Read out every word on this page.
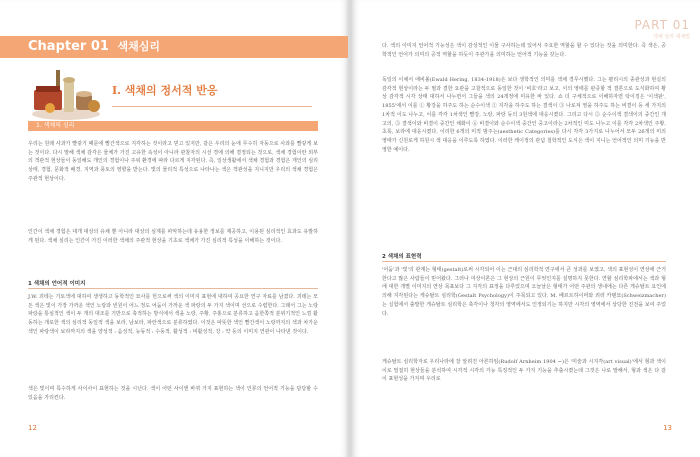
Chapter 01 색채심리
Ⅰ. 색채의 정서적 반응
1. 색채의 심리

우리는 원래 사과가 빨갛기 때문에 빨간색으로 지각하는 것이라고 믿고 있지만, 같은 우리의 눈에 무수히 자동으로 사과를 빨갛게 보는 것이다. 다시 말해 색채 감각은 물체가 가진 고유한 속성이 아니라 관찰자의 시선 경에 의해 결정되는 것으로, 색채 경험이란 외부의 객관적 현상들이 동일해도 개인의 경험이나 주위 환경에 따라 다르게 지각된다. 즉, 일상생활에서 색채 경험과 경험은 개인의 심리 상태, 경험, 문화적 배경, 지역과 풍토의 영향을 받는다. 빛의 물리적 특성으로 나타나는 색은 객관성을 지니지만 우리의 색채 경험은 주관적 현상이다.

인간이 색채 경험은 대개 대상의 유채 뿐 아니라 대상의 심재를 파악하는데 유용한 정보를 제공하고, 이용된 심리적인 효과도 유발하게 된다. 색채 심리는 인간이 가진 이러한 색채의 주관적 현상을 기초로 색채가 가진 심리적 특성을 이해하는 것이다.

1 색채의 언어적 이미지

J.W. 괴테는 기토색에 대하여 생생하고 동학적인 묘사를 헌으로써 색의 이미지 표현에 대하여 공요한 연구 자료를 남겼다. 괴테는 모든 색은 빛이 가장 가까운 색인 노랑과 빈원이 어느 정도 어둠이 가까운 색 파랑의 두 가지 색이며 선으로 수렴한다. 그래서 그는 노랑 파랑을 통심적인 색이 두 개의 대조를 기반으로 축적하는 방식에서 색을 노랑, 주황, 주홍으로 분류하고 음한쪽적 분위기적인 느낌 활동하는 개로한 색의 심리적 동일적 색을 보라, 남보라, 파란색으로 분류하였다. 이것은 따뜻한 색인 빨간색이 노랑까지의 색과 차가운 색인 파랑색이 보라까지의 색을 양성적 : 음성적, 능동적 : 수동적, 활성적 : 비활성적, 강 : 약 등의 이미지 연관이 나타낸 것이다.

색은 빛이며 특수하게 사이사이 표현하는 것을 시닌다. 색이 어떤 사이엔 바퀴 가지 표현하는 색이 인류의 언어적 기능을 담당할 수 있음을 가리킨다.

12
PART 01
색채 심리 대체법

다. 색의 이미지 언어적 기능성은 색이 감성적인 이물 구사하는데 있어서 주요한 역할을 할 수 있다는 것을 의미한다. 즉 색은, 공학적인 언어가 의미의 공적 역할을 하듯이 주관가을 의미하는 언어적 기능을 갖는다.

독일의 이채서 에비볼(Ewald Hering, 1834-1918)은 보다 생학적인 의미를 색채 경무시했다. 그는 괄리시의 종관성과 현실의 감각적 현상이라는 두 필과 결한 요관을 고찰적으로 동일한 것이 '비호'라고 보고, 이의 영태를 판증할 적 결론으로 도식화하여 황상 감각적 시각 상태 대하서 나누면서 그들을 색의 24개정에 미유한 바 있다. 쇼 더 구체적으로 이해하자면 탁이징은 '이색판', 1855'에서 이를 ① 황강을 하주도 하는 순수이색 ② 지각을 하주도 하는 결색이 ③ 나로져 영을 하주도 하는 비결이 등 세 가지의 1차적 이도 나누고, 이를 각각 1차색인 빨강, 노랑, 파랑 등의 3원색에 대응시켰다. 그리고 다시 ⑤ 순수이색 결색이의 중간인 개고의, ⑤ 결색이와 비결이 중간인 채화이 ⑥ 비결이와 순수이색 중간인 중고이라는 2차적인 미도 나누고 이를 각각 2차색인 주황, 초록, 보라에 대응시켰다. 이리한 6개의 미적 범주는(aesthetic Categories)를 다시 각각 3가지로 나누어서 모두 26개의 미의 영태가 신원로게 하원시 색 대응을 이루도록 하였다. 이러한 케이정의 관념 철학적인 도식은 색이 지니는 언어적인 의미 기능을 반영한 예이다.

2 색채의 표현력

'어둠'과 '빛'의 관계는 형태(gestalt)로써 시각되어 이는 근대의 심리학적 연구에서 큰 성과를 보였고, 색의 표현성이 연상에 근거한다고 많은 사람들이 믿어왔다. 그러나 여상이론은 그 현상의 근원이 무엇인지를 설명하지 못한다. 연할 심리학파에서는 색과 형에 대한 개별 이미지의 연상 목표보다 그 지각의 표정을 다루었으며 오늘날은 형태가 어떤 주관의 생내에는 다른 게슈탈트 요인에 의해 지각된다는 게슈탈트 심리학(Gestalt Psychology)이 주목되고 있다. M. 베르트하이머와 쾨러 카텐묘(Schweizmacher)는 실험에서 출발한 게슈탈트 심리학은 축각이나 청각의 영역에서도 인정되기는 하지만 시각의 영역에서 상당한 진전을 보여 주었다.

게슈탈트 심리학자로 우리나라에 잘 알려진 아른하임(Rudolf Arnheim 1904 ~)은 '미술과 시지각(art visual)'에서 형과 색이 이로 밀접히 현상들을 분석하여 시각적 시각의 가능 특징적인 두 가지 기능을 추출시켰는데 그것은 나로 말해서, 형과 색은 다 같이 표현성을 가지며 우리로

13
